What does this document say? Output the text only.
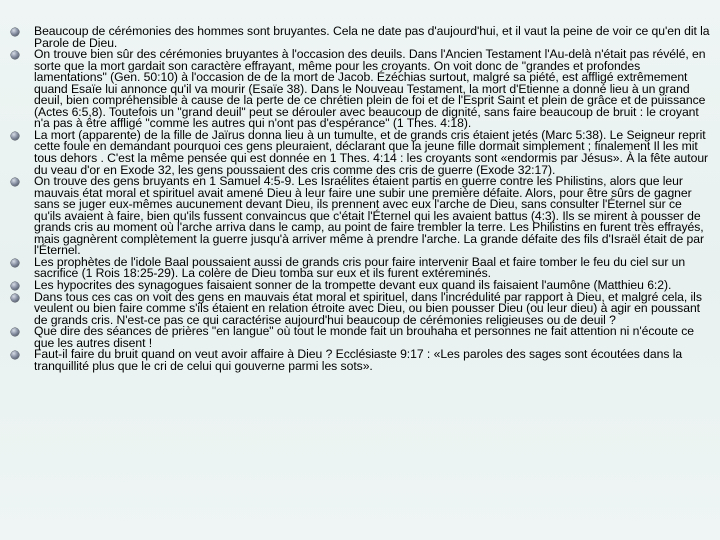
Beaucoup de cérémonies des hommes sont bruyantes. Cela ne date pas d'aujourd'hui, et il vaut la peine de voir ce qu'en dit la Parole de Dieu.
On trouve bien sûr des cérémonies bruyantes à l'occasion des deuils. Dans l'Ancien Testament l'Au-delà n'était pas révélé, en sorte que la mort gardait son caractère effrayant, même pour les croyants. On voit donc de "grandes et profondes lamentations" (Gen. 50:10) à l'occasion de de la mort de Jacob. Ézéchias surtout, malgré sa piété, est affligé extrêmement quand Esaïe lui annonce qu'il va mourir (Esaïe 38). Dans le Nouveau Testament, la mort d'Etienne a donné lieu à un grand deuil, bien compréhensible à cause de la perte de ce chrétien plein de foi et de l'Esprit Saint et plein de grâce et de puissance (Actes 6:5,8). Toutefois un "grand deuil" peut se dérouler avec beaucoup de dignité, sans faire beaucoup de bruit : le croyant n'a pas à être affligé "comme les autres qui n'ont pas d'espérance" (1 Thes. 4:18).
La mort (apparente) de la fille de Jaïrus donna lieu à un tumulte, et de grands cris étaient jetés (Marc 5:38). Le Seigneur reprit cette foule en demandant pourquoi ces gens pleuraient, déclarant que la jeune fille dormait simplement ; finalement Il les mit tous dehors . C'est la même pensée qui est donnée en 1 Thes. 4:14 : les croyants sont «endormis par Jésus». À la fête autour du veau d'or en Exode 32, les gens poussaient des cris comme des cris de guerre (Exode 32:17).
On trouve des gens bruyants en 1 Samuel 4:5-9. Les Israélites étaient partis en guerre contre les Philistins, alors que leur mauvais état moral et spirituel avait amené Dieu à leur faire une subir une première défaite. Alors, pour être sûrs de gagner sans se juger eux-mêmes aucunement devant Dieu, ils prennent avec eux l'arche de Dieu, sans consulter l'Éternel sur ce qu'ils avaient à faire, bien qu'ils fussent convaincus que c'était l'Éternel qui les avaient battus (4:3). Ils se mirent à pousser de grands cris au moment où l'arche arriva dans le camp, au point de faire trembler la terre. Les Philistins en furent très effrayés, mais gagnèrent complètement la guerre jusqu'à arriver même à prendre l'arche. La grande défaite des fils d'Israël était de par l'Éternel.
Les prophètes de l'idole Baal poussaient aussi de grands cris pour faire intervenir Baal et faire tomber le feu du ciel sur un sacrifice (1 Rois 18:25-29). La colère de Dieu tomba sur eux et ils furent extéreminés.
Les hypocrites des synagogues faisaient sonner de la trompette devant eux quand ils faisaient l'aumône (Matthieu 6:2).
Dans tous ces cas on voit des gens en mauvais état moral et spirituel, dans l'incrédulité par rapport à Dieu, et malgré cela, ils veulent ou bien faire comme s'ils étaient en relation étroite avec Dieu, ou bien pousser Dieu (ou leur dieu) à agir en poussant de grands cris. N'est-ce pas ce qui caractérise aujourd'hui beaucoup de cérémonies religieuses ou de deuil ?
Que dire des séances de prières "en langue" où tout le monde fait un brouhaha et personnes ne fait attention ni n'écoute ce que les autres disent !
Faut-il faire du bruit quand on veut avoir affaire à Dieu ? Ecclésiaste 9:17 : «Les paroles des sages sont écoutées dans la tranquillité plus que le cri de celui qui gouverne parmi les sots».
